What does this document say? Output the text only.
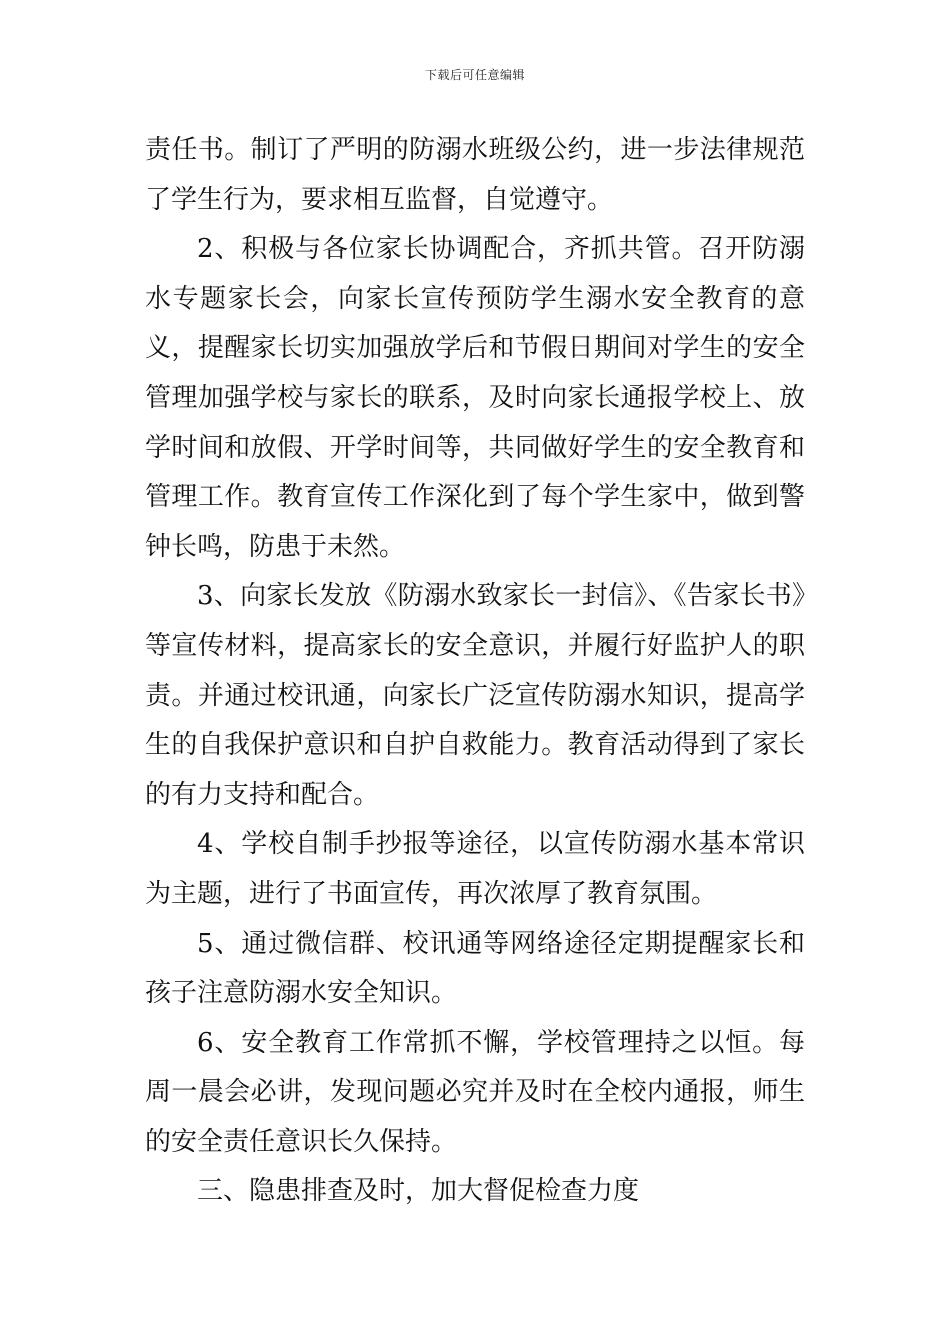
下载后可任意编辑

责任书。制订了严明的防溺水班级公约，进一步法律规范了学生行为，要求相互监督，自觉遵守。

2、积极与各位家长协调配合，齐抓共管。召开防溺水专题家长会，向家长宣传预防学生溺水安全教育的意义，提醒家长切实加强放学后和节假日期间对学生的安全管理加强学校与家长的联系，及时向家长通报学校上、放学时间和放假、开学时间等，共同做好学生的安全教育和管理工作。教育宣传工作深化到了每个学生家中，做到警钟长鸣，防患于未然。

3、向家长发放《防溺水致家长一封信》、《告家长书》等宣传材料，提高家长的安全意识，并履行好监护人的职责。并通过校讯通，向家长广泛宣传防溺水知识，提高学生的自我保护意识和自护自救能力。教育活动得到了家长的有力支持和配合。

4、学校自制手抄报等途径，以宣传防溺水基本常识为主题，进行了书面宣传，再次浓厚了教育氛围。

5、通过微信群、校讯通等网络途径定期提醒家长和孩子注意防溺水安全知识。

6、安全教育工作常抓不懈，学校管理持之以恒。每周一晨会必讲，发现问题必究并及时在全校内通报，师生的安全责任意识长久保持。

三、隐患排查及时，加大督促检查力度
